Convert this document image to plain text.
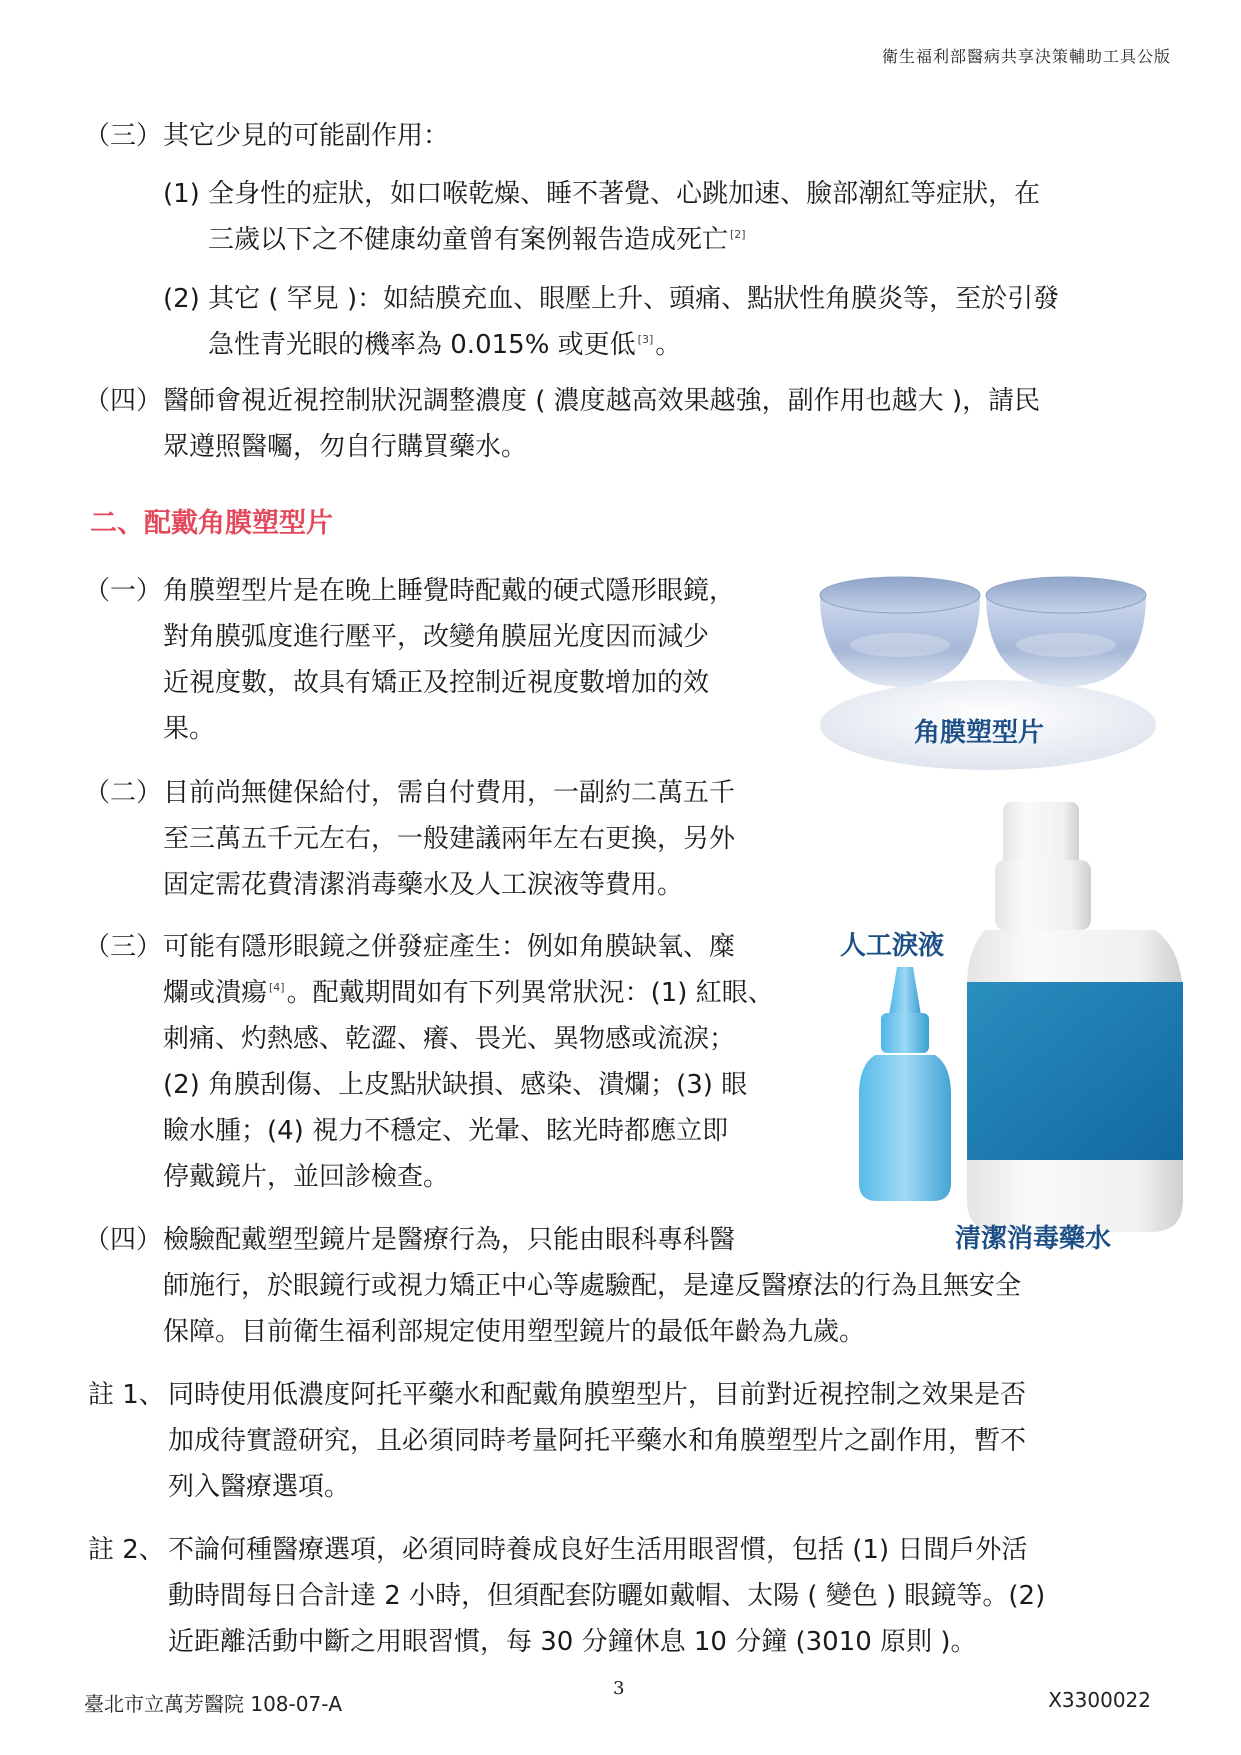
衛生福利部醫病共享決策輔助工具公版
（三） 其它少見的可能副作用：
(1) 全身性的症狀，如口喉乾燥、睡不著覺、心跳加速、臉部潮紅等症狀，在
三歲以下之不健康幼童曾有案例報告造成死亡 [2]
(2) 其它 ( 罕見 )：如結膜充血、眼壓上升、頭痛、點狀性角膜炎等，至於引發
急性青光眼的機率為 0.015% 或更低 [3]。
（四） 醫師會視近視控制狀況調整濃度 ( 濃度越高效果越強，副作用也越大 )，請民
眾遵照醫囑，勿自行購買藥水。
二、配戴角膜塑型片
（一） 角膜塑型片是在晚上睡覺時配戴的硬式隱形眼鏡，
對角膜弧度進行壓平，改變角膜屈光度因而減少
近視度數，故具有矯正及控制近視度數增加的效
果。
（二） 目前尚無健保給付，需自付費用，一副約二萬五千
至三萬五千元左右，一般建議兩年左右更換，另外
固定需花費清潔消毒藥水及人工淚液等費用。
（三） 可能有隱形眼鏡之併發症產生：例如角膜缺氧、糜
爛或潰瘍 [4]。配戴期間如有下列異常狀況：(1) 紅眼、
刺痛、灼熱感、乾澀、癢、畏光、異物感或流淚；
(2) 角膜刮傷、上皮點狀缺損、感染、潰爛；(3) 眼
瞼水腫；(4) 視力不穩定、光暈、眩光時都應立即
停戴鏡片，並回診檢查。
（四） 檢驗配戴塑型鏡片是醫療行為，只能由眼科專科醫
師施行，於眼鏡行或視力矯正中心等處驗配，是違反醫療法的行為且無安全
保障。目前衛生福利部規定使用塑型鏡片的最低年齡為九歲。
註 1、 同時使用低濃度阿托平藥水和配戴角膜塑型片，目前對近視控制之效果是否
加成待實證研究，且必須同時考量阿托平藥水和角膜塑型片之副作用，暫不
列入醫療選項。
註 2、 不論何種醫療選項，必須同時養成良好生活用眼習慣，包括 (1) 日間戶外活
動時間每日合計達 2 小時，但須配套防曬如戴帽、太陽 ( 變色 ) 眼鏡等。(2)
近距離活動中斷之用眼習慣，每 30 分鐘休息 10 分鐘 (3010 原則 )。
角膜塑型片
人工淚液
清潔消毒藥水
臺北市立萬芳醫院 108-07-A
3	X3300022
